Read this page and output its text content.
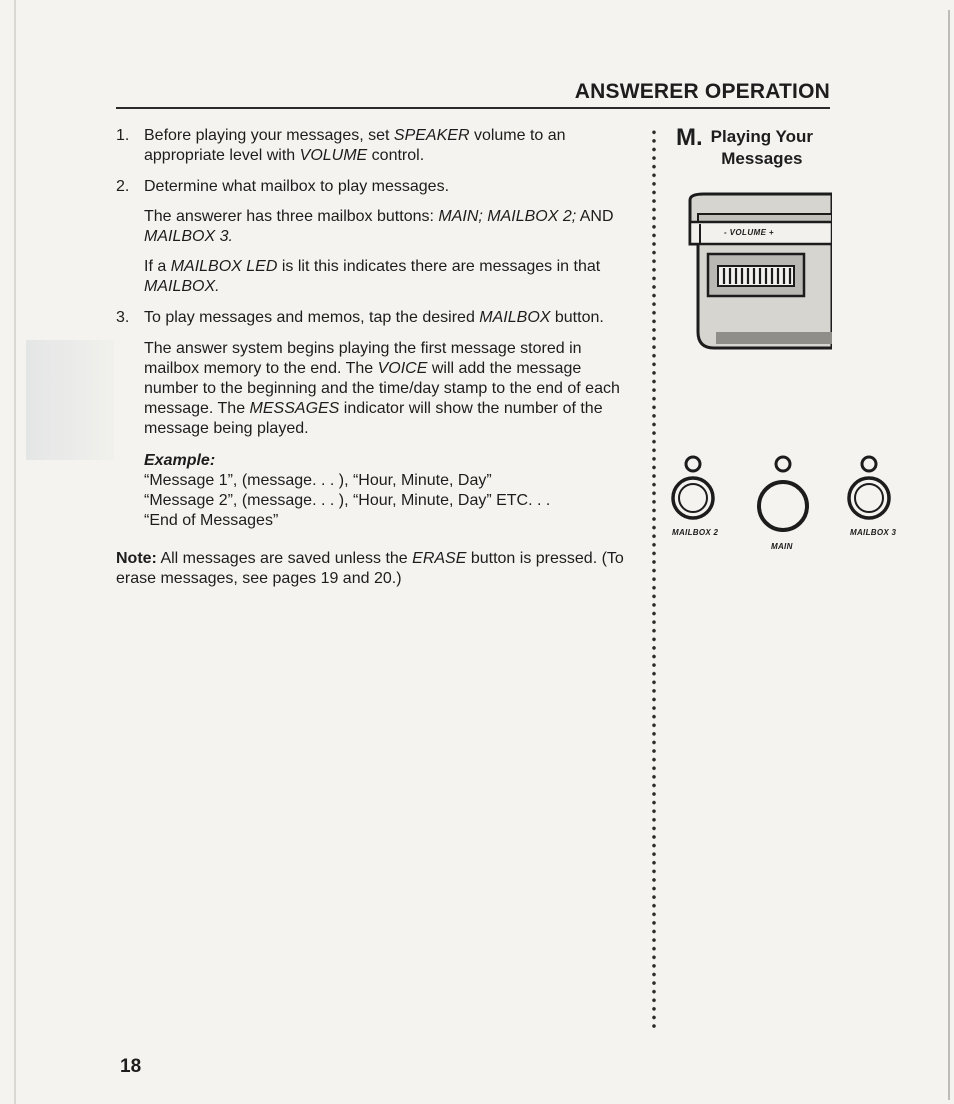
ANSWERER OPERATION
1. Before playing your messages, set SPEAKER volume to an appropriate level with VOLUME control.

2. Determine what mailbox to play messages.

The answerer has three mailbox buttons: MAIN; MAILBOX 2; AND MAILBOX 3.

If a MAILBOX LED is lit this indicates there are messages in that MAILBOX.

3. To play messages and memos, tap the desired MAILBOX button.

The answer system begins playing the first message stored in mailbox memory to the end. The VOICE will add the message number to the beginning and the time/day stamp to the end of each message. The MESSAGES indicator will show the number of the message being played.

Example:
“Message 1”, (message. . . ), “Hour, Minute, Day”
“Message 2”, (message. . . ), “Hour, Minute, Day” ETC. . .
“End of Messages”

Note: All messages are saved unless the ERASE button is pressed. (To erase messages, see pages 19 and 20.)

M. Playing Your
Messages
- VOLUME +
MAILBOX 2
MAIN
MAILBOX 3
18
